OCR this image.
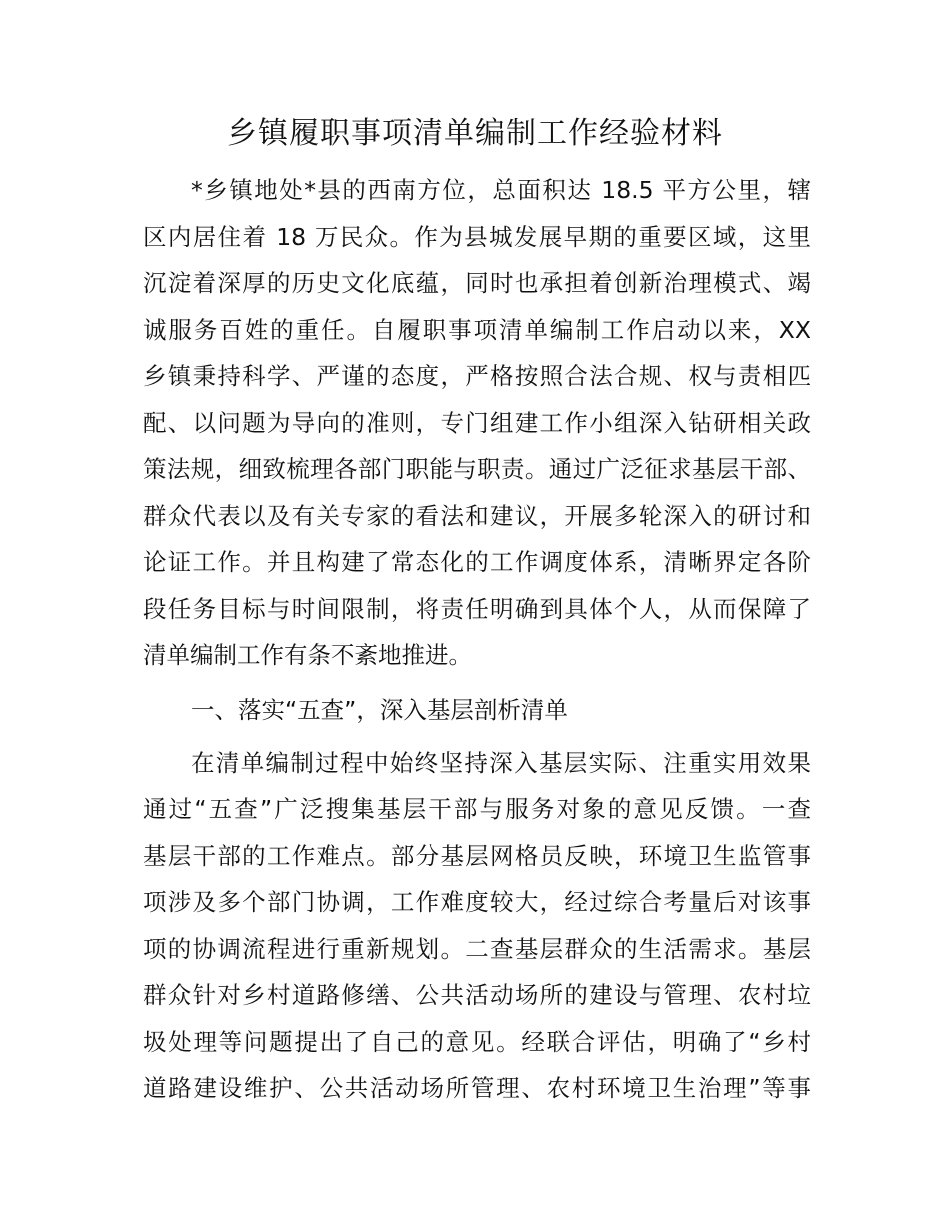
乡镇履职事项清单编制工作经验材料
*乡镇地处*县的西南方位，总面积达 18.5 平方公里，辖
区内居住着 18 万民众。作为县城发展早期的重要区域，这里
沉淀着深厚的历史文化底蕴，同时也承担着创新治理模式、竭
诚服务百姓的重任。自履职事项清单编制工作启动以来，XX
乡镇秉持科学、严谨的态度，严格按照合法合规、权与责相匹
配、以问题为导向的准则，专门组建工作小组深入钻研相关政
策法规，细致梳理各部门职能与职责。通过广泛征求基层干部、
群众代表以及有关专家的看法和建议，开展多轮深入的研讨和
论证工作。并且构建了常态化的工作调度体系，清晰界定各阶
段任务目标与时间限制，将责任明确到具体个人，从而保障了
清单编制工作有条不紊地推进。
一、落实“五查”，深入基层剖析清单
在清单编制过程中始终坚持深入基层实际、注重实用效果
通过“五查”广泛搜集基层干部与服务对象的意见反馈。一查
基层干部的工作难点。部分基层网格员反映，环境卫生监管事
项涉及多个部门协调，工作难度较大，经过综合考量后对该事
项的协调流程进行重新规划。二查基层群众的生活需求。基层
群众针对乡村道路修缮、公共活动场所的建设与管理、农村垃
圾处理等问题提出了自己的意见。经联合评估，明确了“乡村
道路建设维护、公共活动场所管理、农村环境卫生治理”等事
